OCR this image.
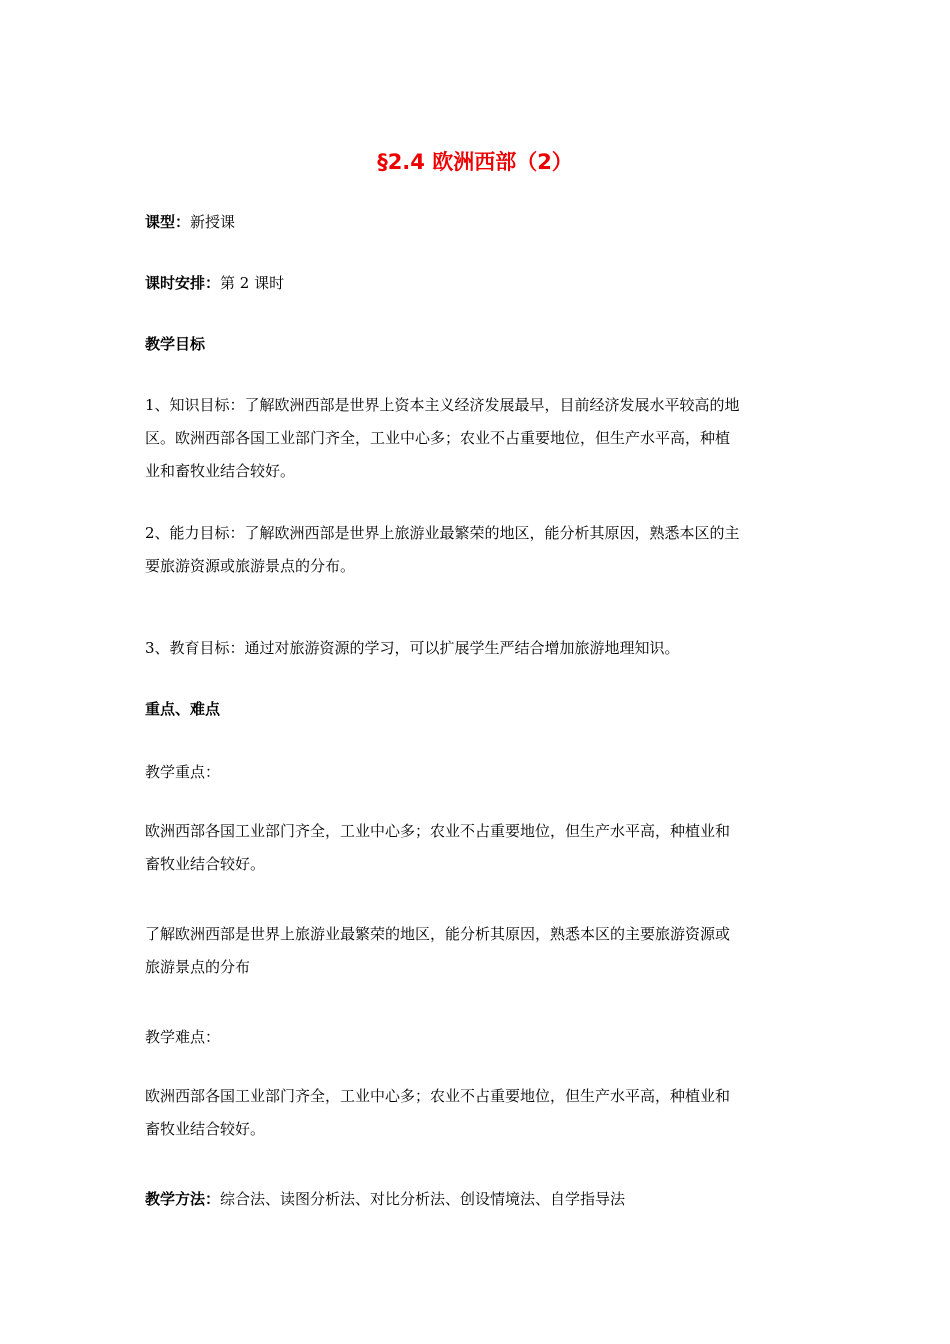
§2.4 欧洲西部（2）
课型：新授课
课时安排：第 2 课时
教学目标
1、知识目标：了解欧洲西部是世界上资本主义经济发展最早，目前经济发展水平较高的地
区。欧洲西部各国工业部门齐全，工业中心多；农业不占重要地位，但生产水平高，种植
业和畜牧业结合较好。
2、能力目标：了解欧洲西部是世界上旅游业最繁荣的地区，能分析其原因，熟悉本区的主
要旅游资源或旅游景点的分布。
3、教育目标：通过对旅游资源的学习，可以扩展学生严结合增加旅游地理知识。
重点、难点
教学重点：
欧洲西部各国工业部门齐全，工业中心多；农业不占重要地位，但生产水平高，种植业和
畜牧业结合较好。
了解欧洲西部是世界上旅游业最繁荣的地区，能分析其原因，熟悉本区的主要旅游资源或
旅游景点的分布
教学难点：
欧洲西部各国工业部门齐全，工业中心多；农业不占重要地位，但生产水平高，种植业和
畜牧业结合较好。
教学方法：综合法、读图分析法、对比分析法、创设情境法、自学指导法
